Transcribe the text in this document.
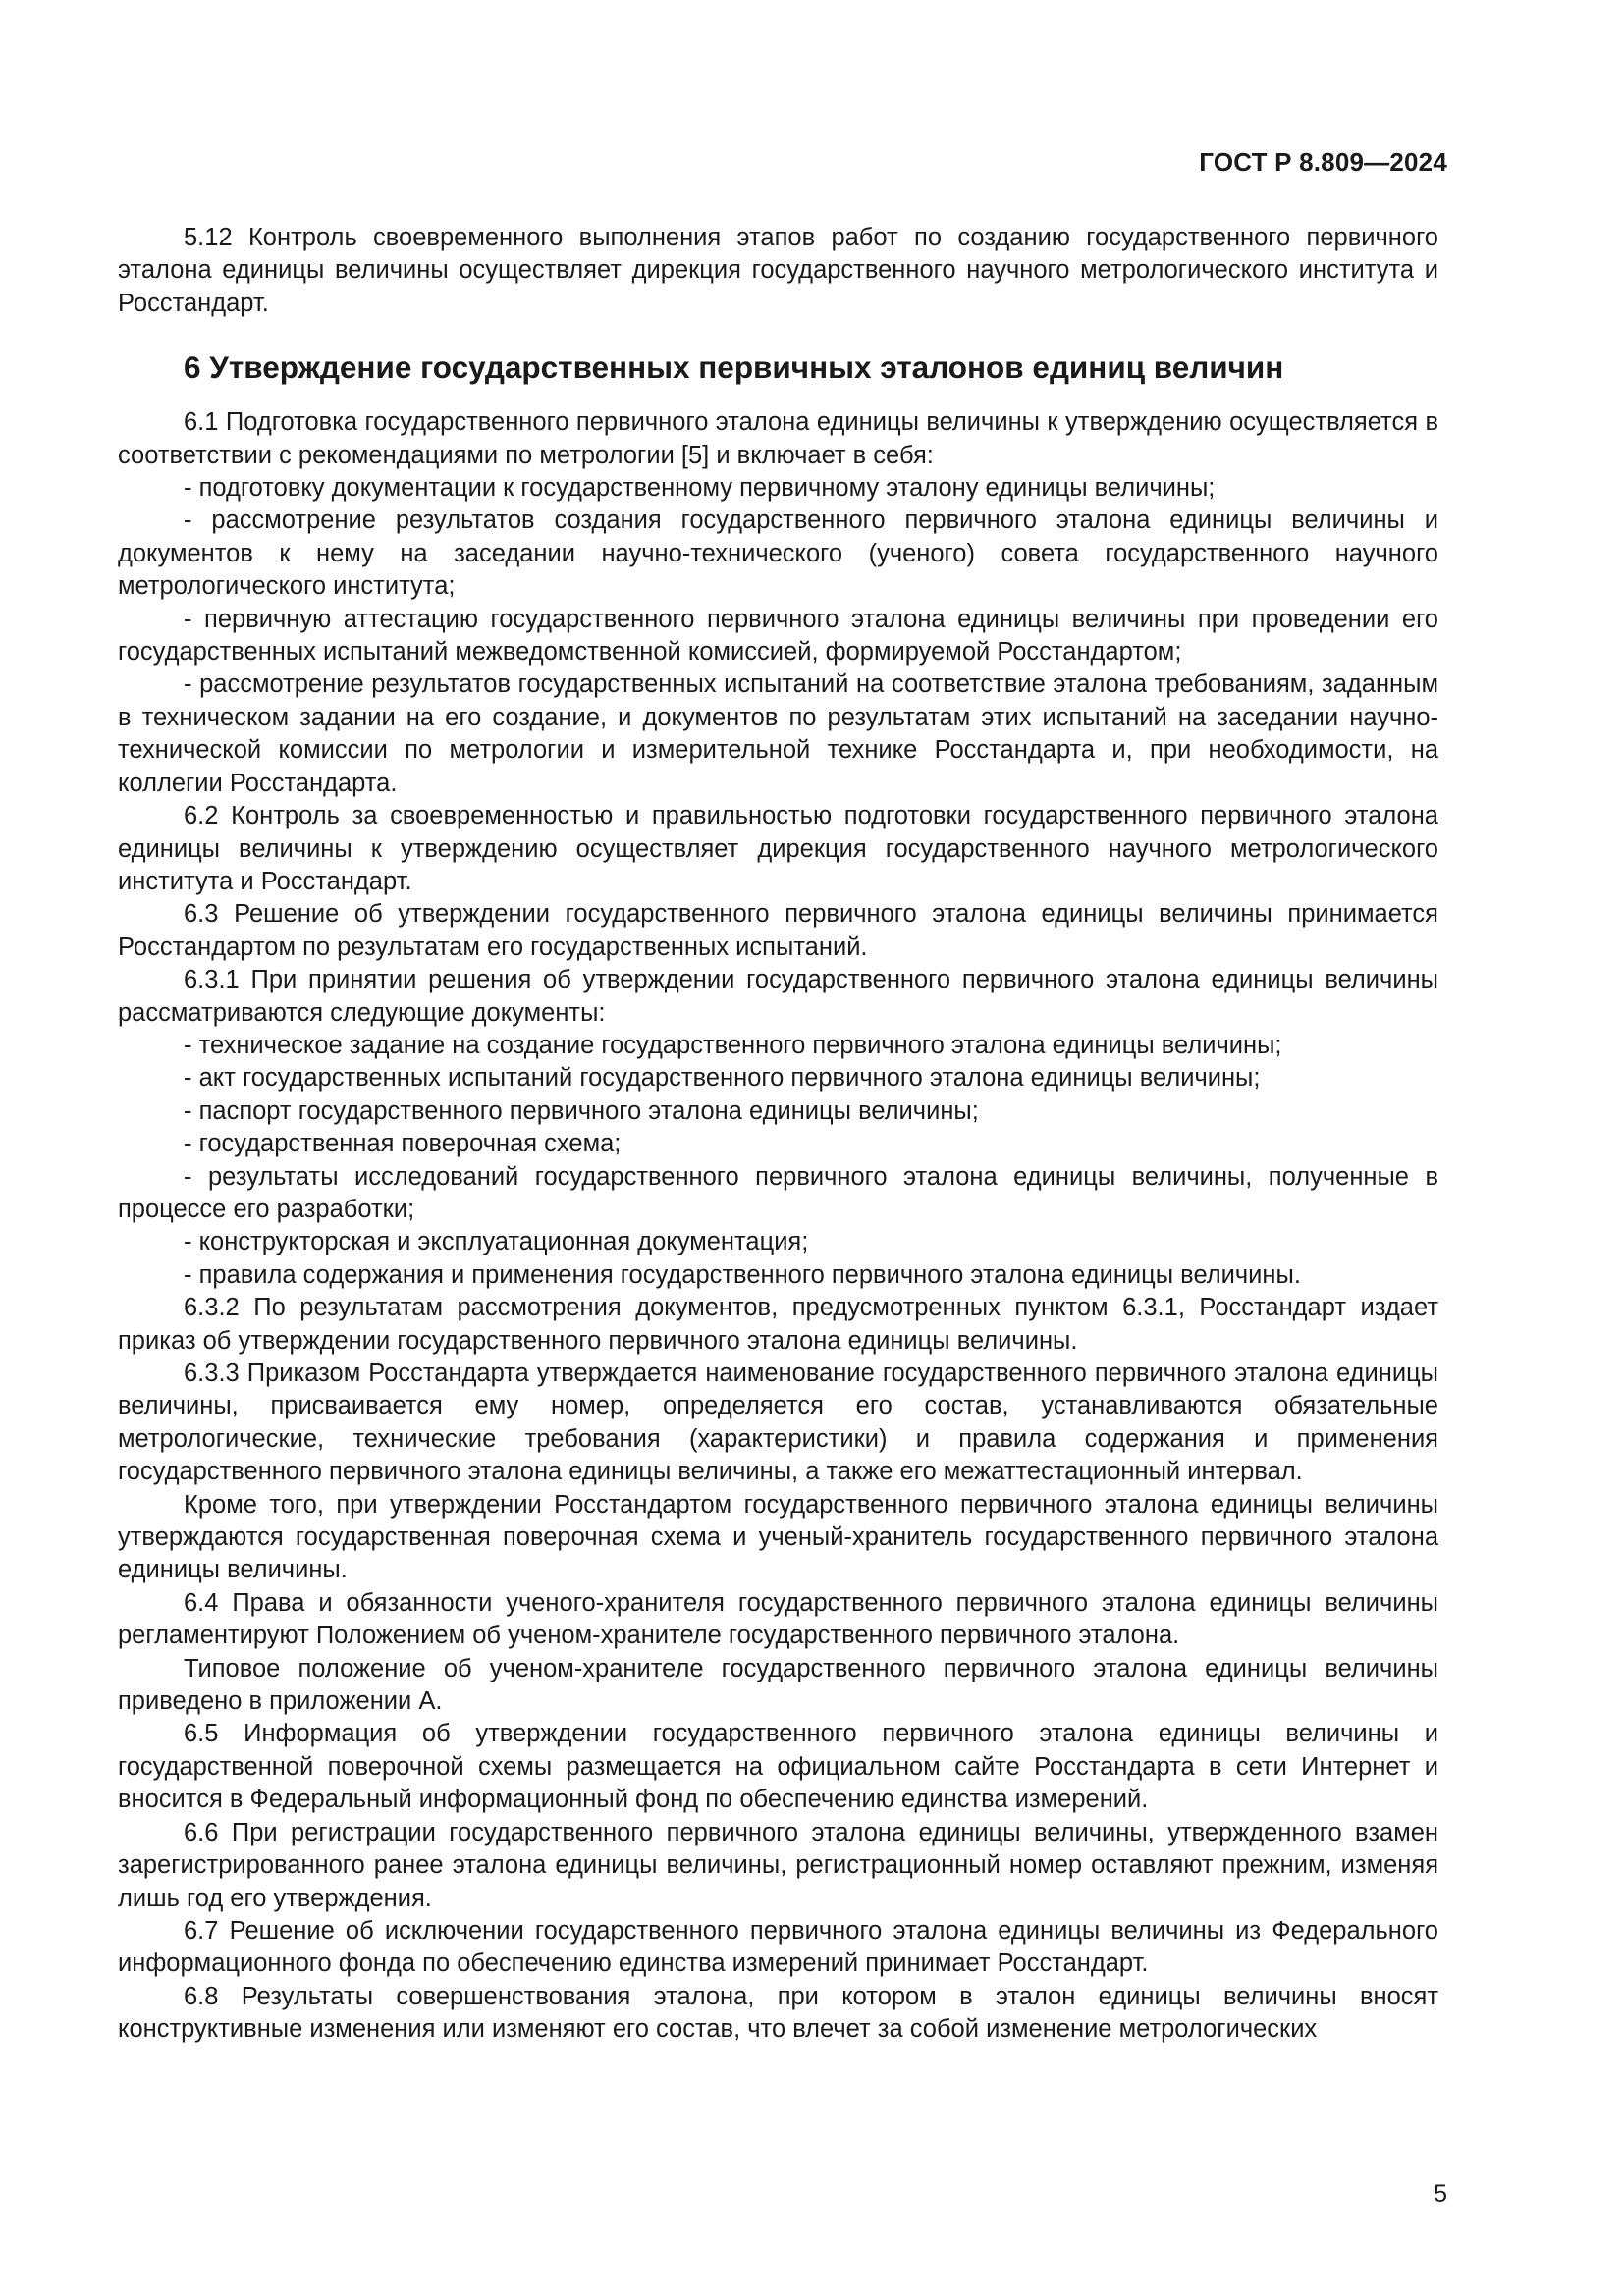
ГОСТ Р 8.809—2024

5.12 Контроль своевременного выполнения этапов работ по созданию государственного первичного эталона единицы величины осуществляет дирекция государственного научного метрологического института и Росстандарт.

6 Утверждение государственных первичных эталонов единиц величин

6.1 Подготовка государственного первичного эталона единицы величины к утверждению осуществляется в соответствии с рекомендациями по метрологии [5] и включает в себя:

- подготовку документации к государственному первичному эталону единицы величины;

- рассмотрение результатов создания государственного первичного эталона единицы величины и документов к нему на заседании научно-технического (ученого) совета государственного научного метрологического института;

- первичную аттестацию государственного первичного эталона единицы величины при проведении его государственных испытаний межведомственной комиссией, формируемой Росстандартом;

- рассмотрение результатов государственных испытаний на соответствие эталона требованиям, заданным в техническом задании на его создание, и документов по результатам этих испытаний на заседании научно-технической комиссии по метрологии и измерительной технике Росстандарта и, при необходимости, на коллегии Росстандарта.

6.2 Контроль за своевременностью и правильностью подготовки государственного первичного эталона единицы величины к утверждению осуществляет дирекция государственного научного метрологического института и Росстандарт.

6.3 Решение об утверждении государственного первичного эталона единицы величины принимается Росстандартом по результатам его государственных испытаний.

6.3.1 При принятии решения об утверждении государственного первичного эталона единицы величины рассматриваются следующие документы:

- техническое задание на создание государственного первичного эталона единицы величины;

- акт государственных испытаний государственного первичного эталона единицы величины;

- паспорт государственного первичного эталона единицы величины;

- государственная поверочная схема;

- результаты исследований государственного первичного эталона единицы величины, полученные в процессе его разработки;

- конструкторская и эксплуатационная документация;

- правила содержания и применения государственного первичного эталона единицы величины.

6.3.2 По результатам рассмотрения документов, предусмотренных пунктом 6.3.1, Росстандарт издает приказ об утверждении государственного первичного эталона единицы величины.

6.3.3 Приказом Росстандарта утверждается наименование государственного первичного эталона единицы величины, присваивается ему номер, определяется его состав, устанавливаются обязательные метрологические, технические требования (характеристики) и правила содержания и применения государственного первичного эталона единицы величины, а также его межаттестационный интервал.

Кроме того, при утверждении Росстандартом государственного первичного эталона единицы величины утверждаются государственная поверочная схема и ученый-хранитель государственного первичного эталона единицы величины.

6.4 Права и обязанности ученого-хранителя государственного первичного эталона единицы величины регламентируют Положением об ученом-хранителе государственного первичного эталона.

Типовое положение об ученом-хранителе государственного первичного эталона единицы величины приведено в приложении А.

6.5 Информация об утверждении государственного первичного эталона единицы величины и государственной поверочной схемы размещается на официальном сайте Росстандарта в сети Интернет и вносится в Федеральный информационный фонд по обеспечению единства измерений.

6.6 При регистрации государственного первичного эталона единицы величины, утвержденного взамен зарегистрированного ранее эталона единицы величины, регистрационный номер оставляют прежним, изменяя лишь год его утверждения.

6.7 Решение об исключении государственного первичного эталона единицы величины из Федерального информационного фонда по обеспечению единства измерений принимает Росстандарт.

6.8 Результаты совершенствования эталона, при котором в эталон единицы величины вносят конструктивные изменения или изменяют его состав, что влечет за собой изменение метрологических

5
